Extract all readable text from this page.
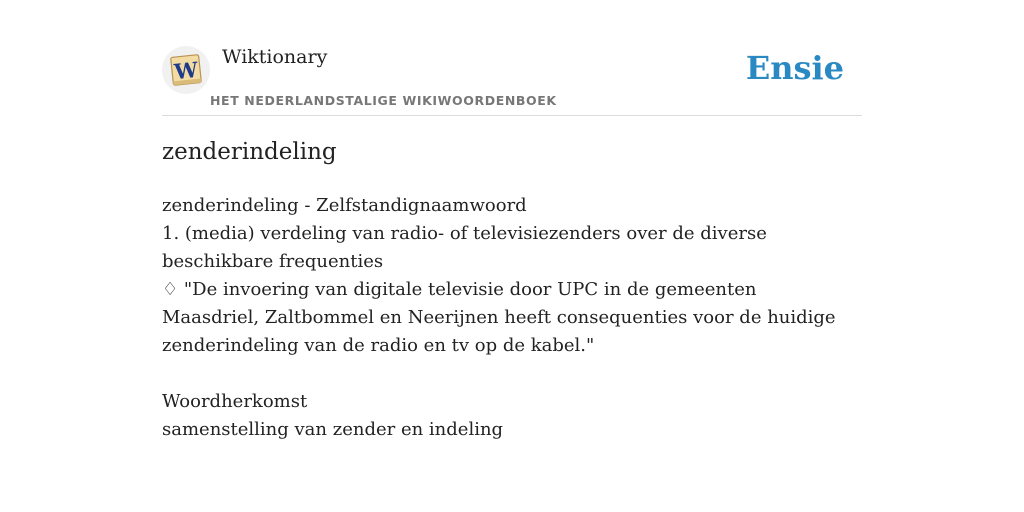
W Wiktionary
HET NEDERLANDSTALIGE WIKIWOORDENBOEK
Ensie
zenderindeling

zenderindeling - Zelfstandignaamwoord

1. (media) verdeling van radio- of televisiezenders over de diverse beschikbare frequenties

♢ "De invoering van digitale televisie door UPC in de gemeenten Maasdriel, Zaltbommel en Neerijnen heeft consequenties voor de huidige zenderindeling van de radio en tv op de kabel."

Woordherkomst

samenstelling van zender en indeling
